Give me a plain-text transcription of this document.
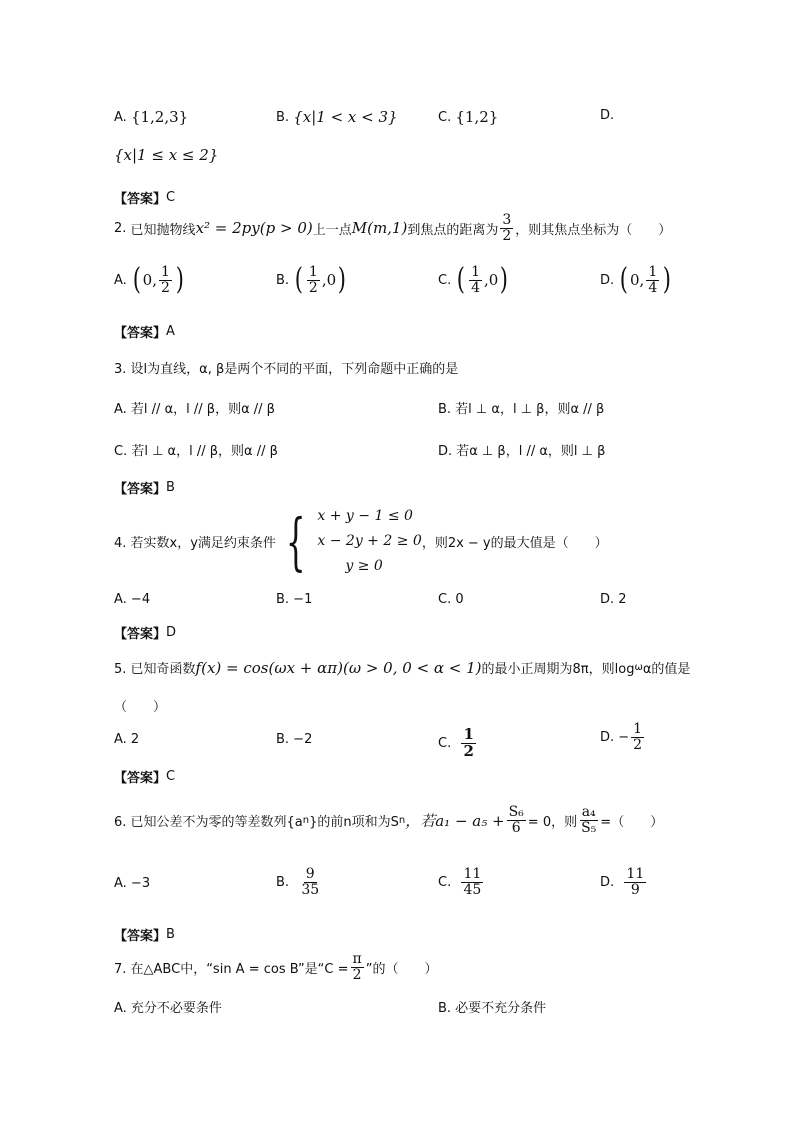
A.
{1,2,3}	B.
{x|1 < x < 3}	C.
{1,2}	D.
{x|1 ≤ x ≤ 2}
【答案】 C
2.
已知抛物线 x² = 2py(p > 0) 上一点 M(m,1) 到焦点的距离为 $\frac{3}{2}$ ，则其焦点坐标为（　　）
A.
( 0, $\frac{1}{2}$ )	B.
( $\frac{1}{2} ,0$ )	C.
( $\frac{1}{4} ,0$ )	D.
( 0, $\frac{1}{4}$ )
【答案】 A
3. 设l为直线，α, β是两个不同的平面，下列命题中正确的是
A. 若l // α，l // β，则α // β	B. 若l ⊥ α，l ⊥ β，则α // β
C. 若l ⊥ α，l // β，则α // β	D. 若α ⊥ β，l // α，则l ⊥ β
【答案】 B
4. 若实数x，y满足约束条件 { x + y − 1 ≤ 0
x − 2y + 2 ≥ 0
y ≥ 0
，则2x − y的最大值是（　　）
A. −4	B. −1	C. 0	D. 2
【答案】 D
5. 已知奇函数 f(x) = cos(ωx + απ)(ω > 0, 0 < α < 1) 的最小正周期为8π，则log ω α的值是
（　　）
A. 2	B. −2	C.
$\frac{1}{2}$	D. − $\frac{1}{2}$
【答案】 C
6. 已知公差不为零的等差数列{a n }的前n项和为S n ，若$a_1 - a_5 + \frac{\text{S₆}}{6} = 0$，则 $\frac{\text{a₄}}{\text{S₅}}$ =（　　）
A. −3	B.
$\frac{9}{35}$	C.
$\frac{11}{45}$	D.
$\frac{11}{9}$
【答案】 B
7. 在△ABC中，“sin A = cos B”是“$C = \frac{\pi}{2}$ ”的（　　）
A. 充分不必要条件	B. 必要不充分条件
